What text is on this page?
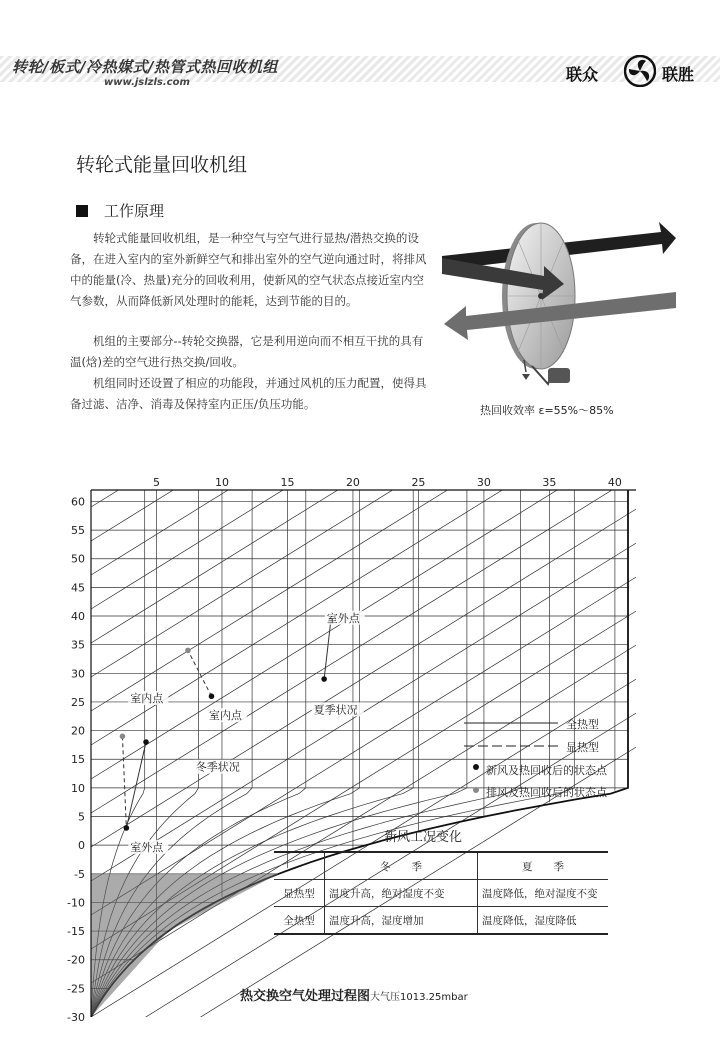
转轮/板式/冷热媒式/热管式热回收机组
www.jslzls.com	联众	联胜
转轮式能量回收机组
工作原理

转轮式能量回收机组，是一种空气与空气进行显热/潜热交换的设备，在进入室内的室外新鲜空气和排出室外的空气逆向通过时，将排风中的能量(冷、热量)充分的回收利用，使新风的空气状态点接近室内空气参数，从而降低新风处理时的能耗，达到节能的目的。

机组的主要部分-‐转轮交换器，它是利用逆向而不相互干扰的具有温(焓)差的空气进行热交换/回收。

机组同时还设置了相应的功能段，并通过风机的压力配置，使得具备过滤、洁净、消毒及保持室内正压/负压功能。	热回收效率 ε=55%～85%
60
55
50
45
40
35
30
25
20
15
10
5
0
-5
-10
-15
-20
-25
-30
5	10	15	20	25	30	35	40
室外点
室内点
室内点	夏季状况
冬季状况
室外点
全热型
显热型
新风及热回收后的状态点
排风及热回收后的状态点
新风工况变化
	冬　　季	夏　　季
显热型	温度升高，绝对湿度不变	温度降低，绝对湿度不变
全热型	温度升高，湿度增加	温度降低，湿度降低
热交换空气处理过程图大气压1013.25mbar
